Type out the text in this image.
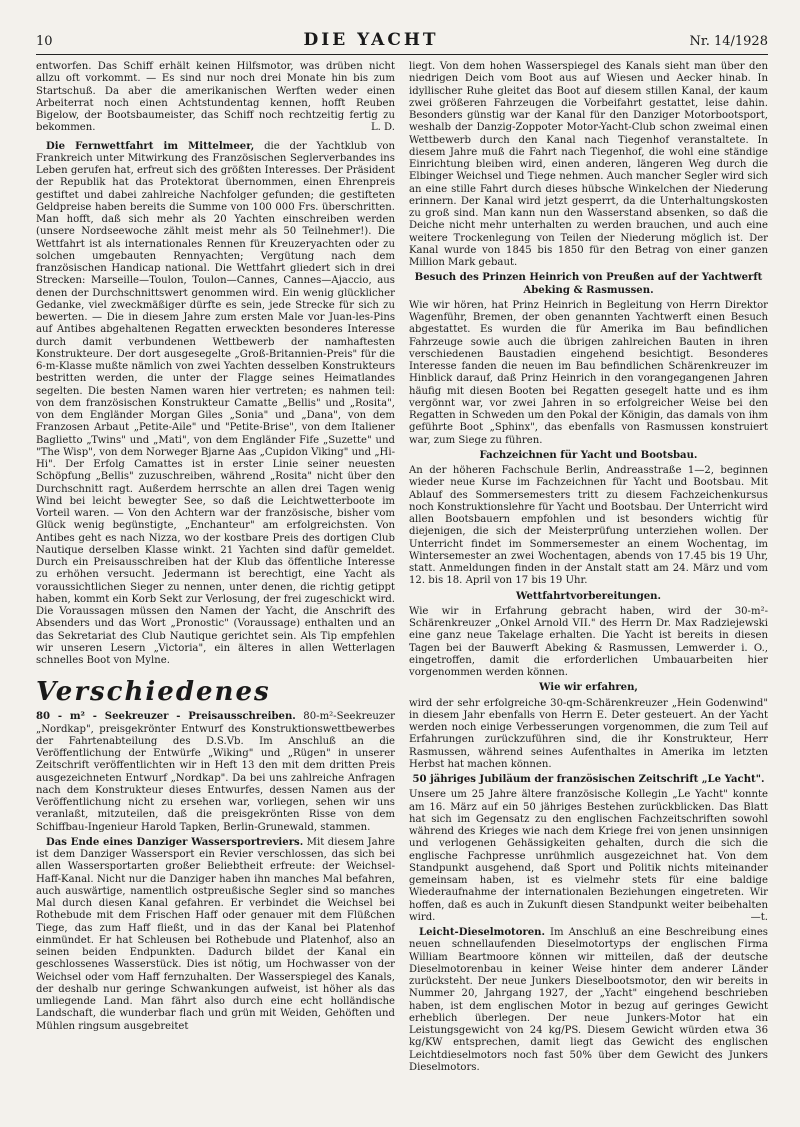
10	DIE YACHT	Nr. 14/1928

entworfen. Das Schiff erhält keinen Hilfsmotor, was drüben nicht allzu oft vorkommt. — Es sind nur noch drei Monate hin bis zum Startschuß. Da aber die amerikanischen Werften weder einen Arbeiterrat noch einen Achtstundentag kennen, hofft Reuben Bigelow, der Bootsbaumeister, das Schiff noch rechtzeitig fertig zu bekommen.	L. D.

Die Fernwettfahrt im Mittelmeer, die der Yachtklub von Frankreich unter Mitwirkung des Französischen Seglerverbandes ins Leben gerufen hat, erfreut sich des größten Interesses. Der Präsident der Republik hat das Protektorat übernommen, einen Ehrenpreis gestiftet und dabei zahlreiche Nachfolger gefunden; die gestifteten Geldpreise haben bereits die Summe von 100 000 Frs. überschritten. Man hofft, daß sich mehr als 20 Yachten einschreiben werden (unsere Nordseewoche zählt meist mehr als 50 Teilnehmer!). Die Wettfahrt ist als internationales Rennen für Kreuzeryachten oder zu solchen umgebauten Rennyachten; Vergütung nach dem französischen Handicap national. Die Wettfahrt gliedert sich in drei Strecken: Marseille—Toulon, Toulon—Cannes, Cannes—Ajaccio, aus denen der Durchschnittswert genommen wird. Ein wenig glücklicher Gedanke, viel zweckmäßiger dürfte es sein, jede Strecke für sich zu bewerten. — Die in diesem Jahre zum ersten Male vor Juan-les-Pins auf Antibes abgehaltenen Regatten erweckten besonderes Interesse durch damit verbundenen Wettbewerb der namhaftesten Konstrukteure. Der dort ausgesegelte „Groß-Britannien-Preis" für die 6-m-Klasse mußte nämlich von zwei Yachten desselben Konstrukteurs bestritten werden, die unter der Flagge seines Heimatlandes segelten. Die besten Namen waren hier vertreten; es nahmen teil: von dem französischen Konstrukteur Camatte „Bellis" und „Rosita", von dem Engländer Morgan Giles „Sonia" und „Dana", von dem Franzosen Arbaut „Petite-Aile" und "Petite-Brise", von dem Italiener Baglietto „Twins" und „Mati", von dem Engländer Fife „Suzette" und "The Wisp", von dem Norweger Bjarne Aas „Cupidon Viking" und „Hi-Hi". Der Erfolg Camattes ist in erster Linie seiner neuesten Schöpfung „Bellis" zuzuschreiben, während „Rosita" nicht über den Durchschnitt ragt. Außerdem herrschte an allen drei Tagen wenig Wind bei leicht bewegter See, so daß die Leichtwetterboote im Vorteil waren. — Von den Achtern war der französische, bisher vom Glück wenig begünstigte, „Enchanteur" am erfolgreichsten. Von Antibes geht es nach Nizza, wo der kostbare Preis des dortigen Club Nautique derselben Klasse winkt. 21 Yachten sind dafür gemeldet. Durch ein Preisausschreiben hat der Klub das öffentliche Interesse zu erhöhen versucht. Jedermann ist berechtigt, eine Yacht als voraussichtlichen Sieger zu nennen, unter denen, die richtig getippt haben, kommt ein Korb Sekt zur Verlosung, der frei zugeschickt wird. Die Voraussagen müssen den Namen der Yacht, die Anschrift des Absenders und das Wort „Pronostic" (Voraussage) enthalten und an das Sekretariat des Club Nautique gerichtet sein. Als Tip empfehlen wir unseren Lesern „Victoria", ein älteres in allen Wetterlagen schnelles Boot von Mylne.

Verschiedenes

80 - m² - Seekreuzer - Preisausschreiben. 80-m²-Seekreuzer „Nordkap", preisgekrönter Entwurf des Konstruktionswettbewerbes der Fahrtenabteilung des D.S.Vb. Im Anschluß an die Veröffentlichung der Entwürfe „Wiking" und „Rügen" in unserer Zeitschrift veröffentlichten wir in Heft 13 den mit dem dritten Preis ausgezeichneten Entwurf „Nordkap". Da bei uns zahlreiche Anfragen nach dem Konstrukteur dieses Entwurfes, dessen Namen aus der Veröffentlichung nicht zu ersehen war, vorliegen, sehen wir uns veranlaßt, mitzuteilen, daß die preisgekrönten Risse von dem Schiffbau-Ingenieur Harold Tapken, Berlin-Grunewald, stammen.

Das Ende eines Danziger Wassersportreviers. Mit diesem Jahre ist dem Danziger Wassersport ein Revier verschlossen, das sich bei allen Wassersportarten großer Beliebtheit erfreute: der Weichsel-Haff-Kanal. Nicht nur die Danziger haben ihn manches Mal befahren, auch auswärtige, namentlich ostpreußische Segler sind so manches Mal durch diesen Kanal gefahren. Er verbindet die Weichsel bei Rothebude mit dem Frischen Haff oder genauer mit dem Flüßchen Tiege, das zum Haff fließt, und in das der Kanal bei Platenhof einmündet. Er hat Schleusen bei Rothebude und Platenhof, also an seinen beiden Endpunkten. Dadurch bildet der Kanal ein geschlossenes Wasserstück. Dies ist nötig, um Hochwasser von der Weichsel oder vom Haff fernzuhalten. Der Wasserspiegel des Kanals, der deshalb nur geringe Schwankungen aufweist, ist höher als das umliegende Land. Man fährt also durch eine echt holländische Landschaft, die wunderbar flach und grün mit Weiden, Gehöften und Mühlen ringsum ausgebreitet

liegt. Von dem hohen Wasserspiegel des Kanals sieht man über den niedrigen Deich vom Boot aus auf Wiesen und Aecker hinab. In idyllischer Ruhe gleitet das Boot auf diesem stillen Kanal, der kaum zwei größeren Fahrzeugen die Vorbeifahrt gestattet, leise dahin. Besonders günstig war der Kanal für den Danziger Motorbootsport, weshalb der Danzig-Zoppoter Motor-Yacht-Club schon zweimal einen Wettbewerb durch den Kanal nach Tiegenhof veranstaltete. In diesem Jahre muß die Fahrt nach Tiegenhof, die wohl eine ständige Einrichtung bleiben wird, einen anderen, längeren Weg durch die Elbinger Weichsel und Tiege nehmen. Auch mancher Segler wird sich an eine stille Fahrt durch dieses hübsche Winkelchen der Niederung erinnern. Der Kanal wird jetzt gesperrt, da die Unterhaltungskosten zu groß sind. Man kann nun den Wasserstand absenken, so daß die Deiche nicht mehr unterhalten zu werden brauchen, und auch eine weitere Trockenlegung von Teilen der Niederung möglich ist. Der Kanal wurde von 1845 bis 1850 für den Betrag von einer ganzen Million Mark gebaut.

Besuch des Prinzen Heinrich von Preußen auf der Yachtwerft Abeking & Rasmussen.

Wie wir hören, hat Prinz Heinrich in Begleitung von Herrn Direktor Wagenführ, Bremen, der oben genannten Yachtwerft einen Besuch abgestattet. Es wurden die für Amerika im Bau befindlichen Fahrzeuge sowie auch die übrigen zahlreichen Bauten in ihren verschiedenen Baustadien eingehend besichtigt. Besonderes Interesse fanden die neuen im Bau befindlichen Schärenkreuzer im Hinblick darauf, daß Prinz Heinrich in den vorangegangenen Jahren häufig mit diesen Booten bei Regatten gesegelt hatte und es ihm vergönnt war, vor zwei Jahren in so erfolgreicher Weise bei den Regatten in Schweden um den Pokal der Königin, das damals von ihm geführte Boot „Sphinx", das ebenfalls von Rasmussen konstruiert war, zum Siege zu führen.

Fachzeichnen für Yacht und Bootsbau.

An der höheren Fachschule Berlin, Andreasstraße 1—2, beginnen wieder neue Kurse im Fachzeichnen für Yacht und Bootsbau. Mit Ablauf des Sommersemesters tritt zu diesem Fachzeichenkursus noch Konstruktionslehre für Yacht und Bootsbau. Der Unterricht wird allen Bootsbauern empfohlen und ist besonders wichtig für diejenigen, die sich der Meisterprüfung unterziehen wollen. Der Unterricht findet im Sommersemester an einem Wochentag, im Wintersemester an zwei Wochentagen, abends von 17.45 bis 19 Uhr, statt. Anmeldungen finden in der Anstalt statt am 24. März und vom 12. bis 18. April von 17 bis 19 Uhr.

Wettfahrtvorbereitungen.

Wie wir in Erfahrung gebracht haben, wird der 30-m²-Schärenkreuzer „Onkel Arnold VII." des Herrn Dr. Max Radziejewski eine ganz neue Takelage erhalten. Die Yacht ist bereits in diesen Tagen bei der Bauwerft Abeking & Rasmussen, Lemwerder i. O., eingetroffen, damit die erforderlichen Umbauarbeiten hier vorgenommen werden können.

Wie wir erfahren,

wird der sehr erfolgreiche 30-qm-Schärenkreuzer „Hein Godenwind" in diesem Jahr ebenfalls von Herrn E. Deter gesteuert. An der Yacht werden noch einige Verbesserungen vorgenommen, die zum Teil auf Erfahrungen zurückzuführen sind, die ihr Konstrukteur, Herr Rasmussen, während seines Aufenthaltes in Amerika im letzten Herbst hat machen können.

50 jähriges Jubiläum der französischen Zeitschrift „Le Yacht".

Unsere um 25 Jahre ältere französische Kollegin „Le Yacht" konnte am 16. März auf ein 50 jähriges Bestehen zurückblicken. Das Blatt hat sich im Gegensatz zu den englischen Fachzeitschriften sowohl während des Krieges wie nach dem Kriege frei von jenen unsinnigen und verlogenen Gehässigkeiten gehalten, durch die sich die englische Fachpresse unrühmlich ausgezeichnet hat. Von dem Standpunkt ausgehend, daß Sport und Politik nichts miteinander gemeinsam haben, ist es vielmehr stets für eine baldige Wiederaufnahme der internationalen Beziehungen eingetreten. Wir hoffen, daß es auch in Zukunft diesen Standpunkt weiter beibehalten wird.	—t.

Leicht-Dieselmotoren. Im Anschluß an eine Beschreibung eines neuen schnellaufenden Dieselmotortyps der englischen Firma William Beartmoore können wir mitteilen, daß der deutsche Dieselmotorenbau in keiner Weise hinter dem anderer Länder zurücksteht. Der neue Junkers Dieselbootsmotor, den wir bereits in Nummer 20, Jahrgang 1927, der „Yacht" eingehend beschrieben haben, ist dem englischen Motor in bezug auf geringes Gewicht erheblich überlegen. Der neue Junkers-Motor hat ein Leistungsgewicht von 24 kg/PS. Diesem Gewicht würden etwa 36 kg/KW entsprechen, damit liegt das Gewicht des englischen Leichtdieselmotors noch fast 50% über dem Gewicht des Junkers Dieselmotors.
